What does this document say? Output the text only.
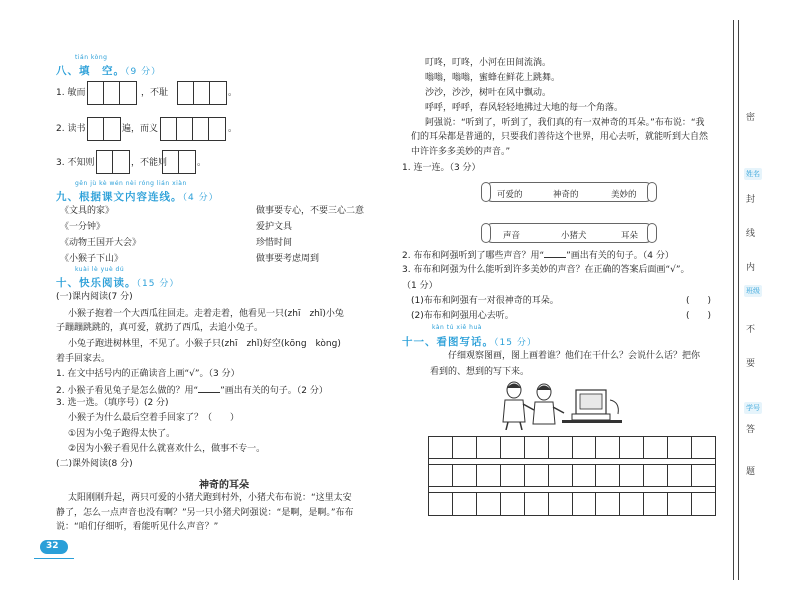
tián kòng
八、填　空。（9 分）
1. 敏而	，不耻	。
2. 读书	遍，而义	。
3. 不知则	，不能则	。
gēn jù kè wén nèi róng lián xiàn
九、根据课文内容连线。（4 分）
《文具的家》
《一分钟》
《动物王国开大会》
《小猴子下山》
做事要专心，不要三心二意
爱护文具
珍惜时间
做事要考虑周到
kuài lè yuè dú
十、快乐阅读。（15 分）
(一)课内阅读(7 分)
小猴子抱着一个大西瓜往回走。走着走着，他看见一只(zhī　zhǐ)小兔
子蹦蹦跳跳的，真可爱，就扔了西瓜，去追小兔子。
小兔子跑进树林里，不见了。小猴子只(zhī　zhǐ)好空(kōng　kòng)
着手回家去。
1. 在文中括号内的正确读音上画“√”。（3 分）
2. 小猴子看见兔子是怎么做的？用“ ”画出有关的句子。（2 分）
3. 选一选。（填序号）(2 分)
小猴子为什么最后空着手回家了？（　　）
①因为小兔子跑得太快了。
②因为小猴子看见什么就喜欢什么，做事不专一。
(二)课外阅读(8 分)
神奇的耳朵
太阳刚刚升起，两只可爱的小猪犬跑到村外，小猪犬布布说：“这里太安
静了，怎么一点声音也没有啊？”另一只小猪犬阿强说：“是啊，是啊。”布布
说：“咱们仔细听，看能听见什么声音？”
32
叮咚，叮咚，小河在田间流淌。
嗡嗡，嗡嗡，蜜蜂在鲜花上跳舞。
沙沙，沙沙，树叶在风中飘动。
呼呼，呼呼，春风轻轻地拂过大地的每一个角落。
阿强说：“听到了，听到了，我们真的有一双神奇的耳朵。”布布说：“我
们的耳朵都是普通的，只要我们善待这个世界，用心去听，就能听到大自然
中许许多多美妙的声音。”
1. 连一连。（3 分）
可爱的	神奇的	美妙的
声音	小猪犬	耳朵
2. 布布和阿强听到了哪些声音？用“ ”画出有关的句子。（4 分）
3. 布布和阿强为什么能听到许多美妙的声音？在正确的答案后面画“√”。
（1 分）
(1)布布和阿强有一对很神奇的耳朵。	(　　)
(2)布布和阿强用心去听。	(　　)
kàn tú xiě huà
十一、看图写话。（15 分）
仔细观察图画，图上画着谁？他们在干什么？会说什么话？把你
看到的、想到的写下来。
密
姓名
封
线
内
班级
不
要
学号
答
题
